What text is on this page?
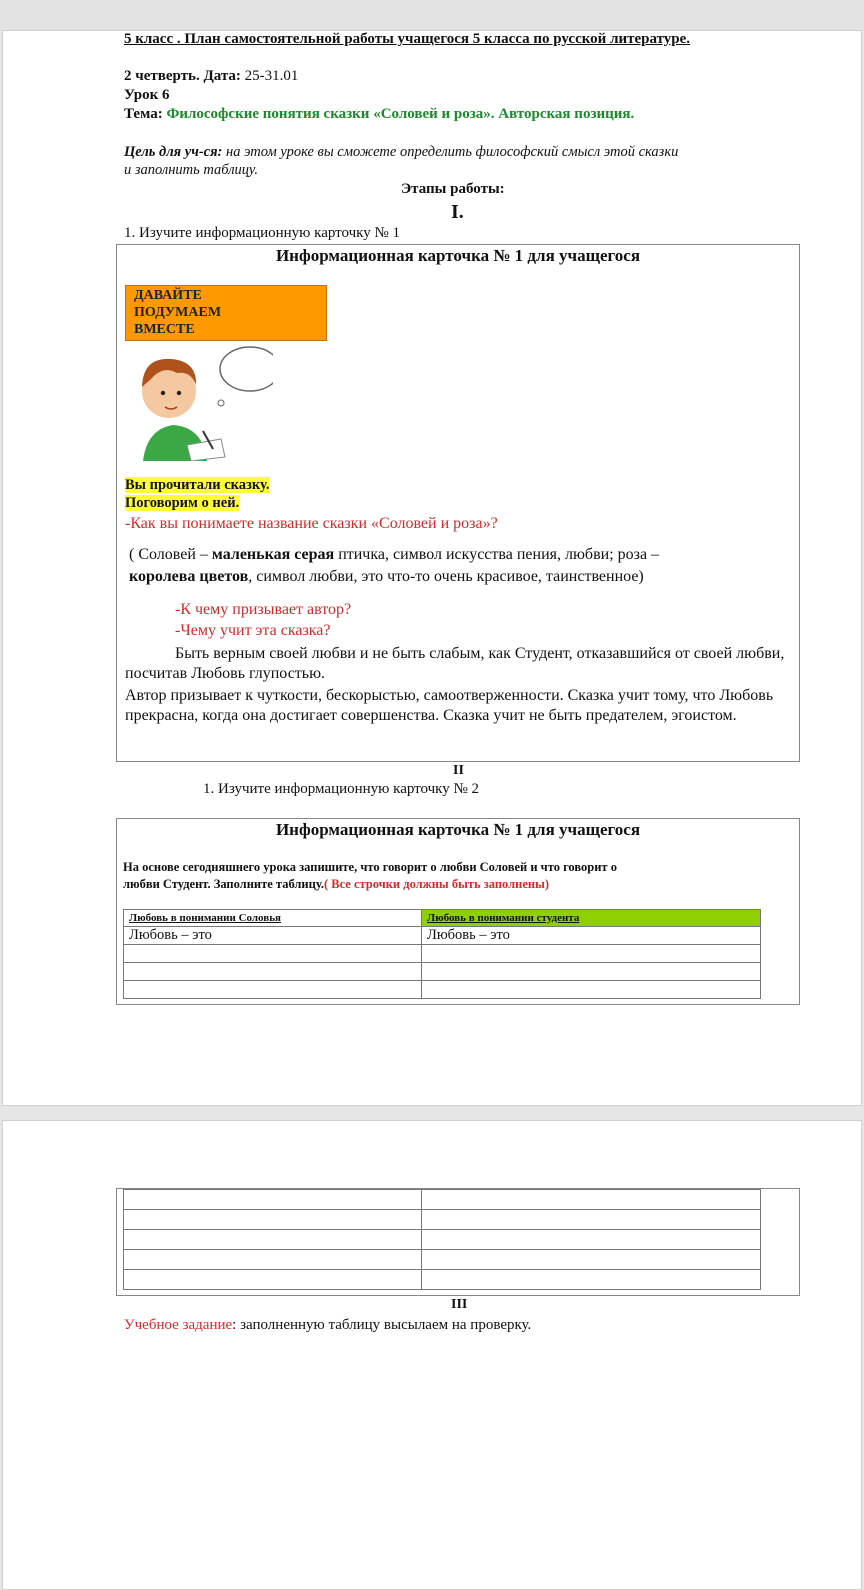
5 класс . План самостоятельной работы учащегося 5 класса по русской литературе.
2 четверть. Дата: 25-31.01
Урок 6
Тема: Философские понятия сказки «Соловей и роза». Авторская позиция.
Цель для уч-ся: на этом уроке вы сможете определить философский смысл этой сказки
и заполнить таблицу.
Этапы работы:
I.
1. Изучите информационную карточку № 1
Информационная карточка № 1 для учащегося
ДАВАЙТЕ
ПОДУМАЕМ
ВМЕСТЕ
Вы прочитали сказку.
Поговорим о ней.
-Как вы понимаете название сказки «Соловей и роза»?
( Соловей – маленькая серая птичка, символ искусства пения, любви; роза –
королева цветов, символ любви, это что-то очень красивое, таинственное)
-К чему призывает автор?
-Чему учит эта сказка?
Быть верным своей любви и не быть слабым, как Студент, отказавшийся от своей любви, посчитав Любовь глупостью.
Автор призывает к чуткости, бескорыстью, самоотверженности. Сказка учит тому, что Любовь прекрасна, когда она достигает совершенства. Сказка учит не быть предателем, эгоистом.
II
1. Изучите информационную карточку № 2
Информационная карточка № 1 для учащегося
На основе сегодняшнего урока запишите, что говорит о любви Соловей и что говорит о
любви Студент. Заполните таблицу.( Все строчки должны быть заполнены)
Любовь в понимании Соловья	Любовь в понимании студента
Любовь – это	Любовь – это

III
Учебное задание: заполненную таблицу высылаем на проверку.
